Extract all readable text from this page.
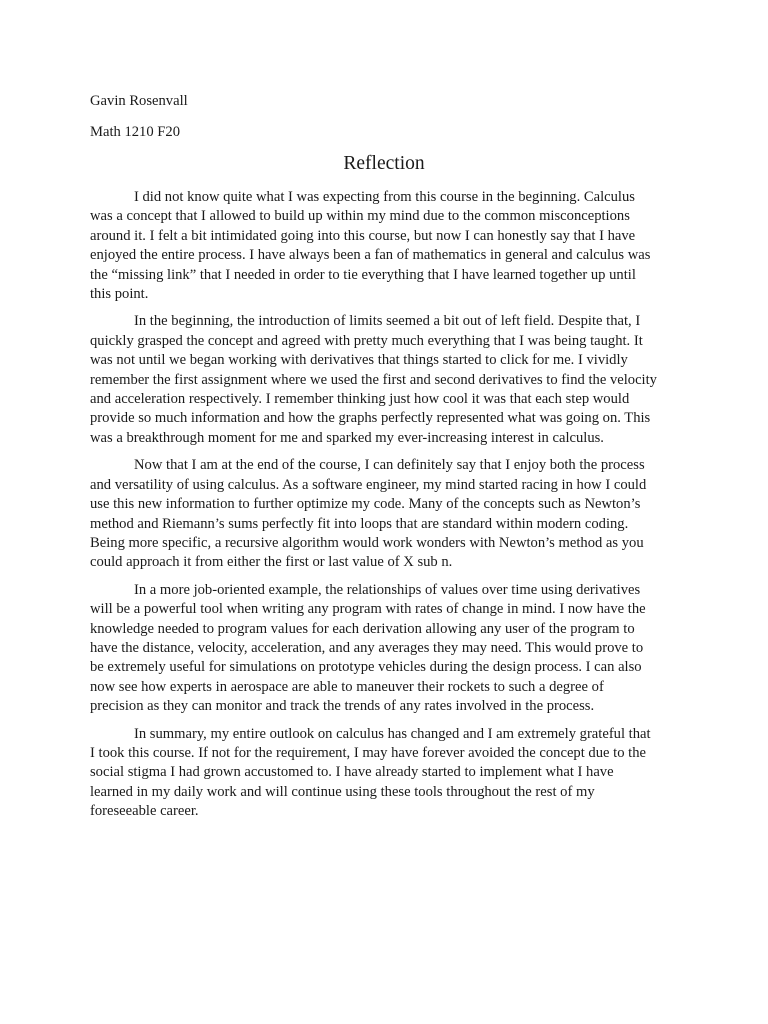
Gavin Rosenvall
Math 1210 F20
Reflection
I did not know quite what I was expecting from this course in the beginning. Calculus
was a concept that I allowed to build up within my mind due to the common misconceptions
around it. I felt a bit intimidated going into this course, but now I can honestly say that I have
enjoyed the entire process. I have always been a fan of mathematics in general and calculus was
the “missing link” that I needed in order to tie everything that I have learned together up until
this point.
In the beginning, the introduction of limits seemed a bit out of left field. Despite that, I
quickly grasped the concept and agreed with pretty much everything that I was being taught. It
was not until we began working with derivatives that things started to click for me. I vividly
remember the first assignment where we used the first and second derivatives to find the velocity
and acceleration respectively. I remember thinking just how cool it was that each step would
provide so much information and how the graphs perfectly represented what was going on. This
was a breakthrough moment for me and sparked my ever-increasing interest in calculus.
Now that I am at the end of the course, I can definitely say that I enjoy both the process
and versatility of using calculus. As a software engineer, my mind started racing in how I could
use this new information to further optimize my code. Many of the concepts such as Newton’s
method and Riemann’s sums perfectly fit into loops that are standard within modern coding.
Being more specific, a recursive algorithm would work wonders with Newton’s method as you
could approach it from either the first or last value of X sub n.
In a more job-oriented example, the relationships of values over time using derivatives
will be a powerful tool when writing any program with rates of change in mind. I now have the
knowledge needed to program values for each derivation allowing any user of the program to
have the distance, velocity, acceleration, and any averages they may need. This would prove to
be extremely useful for simulations on prototype vehicles during the design process. I can also
now see how experts in aerospace are able to maneuver their rockets to such a degree of
precision as they can monitor and track the trends of any rates involved in the process.
In summary, my entire outlook on calculus has changed and I am extremely grateful that
I took this course. If not for the requirement, I may have forever avoided the concept due to the
social stigma I had grown accustomed to. I have already started to implement what I have
learned in my daily work and will continue using these tools throughout the rest of my
foreseeable career.
